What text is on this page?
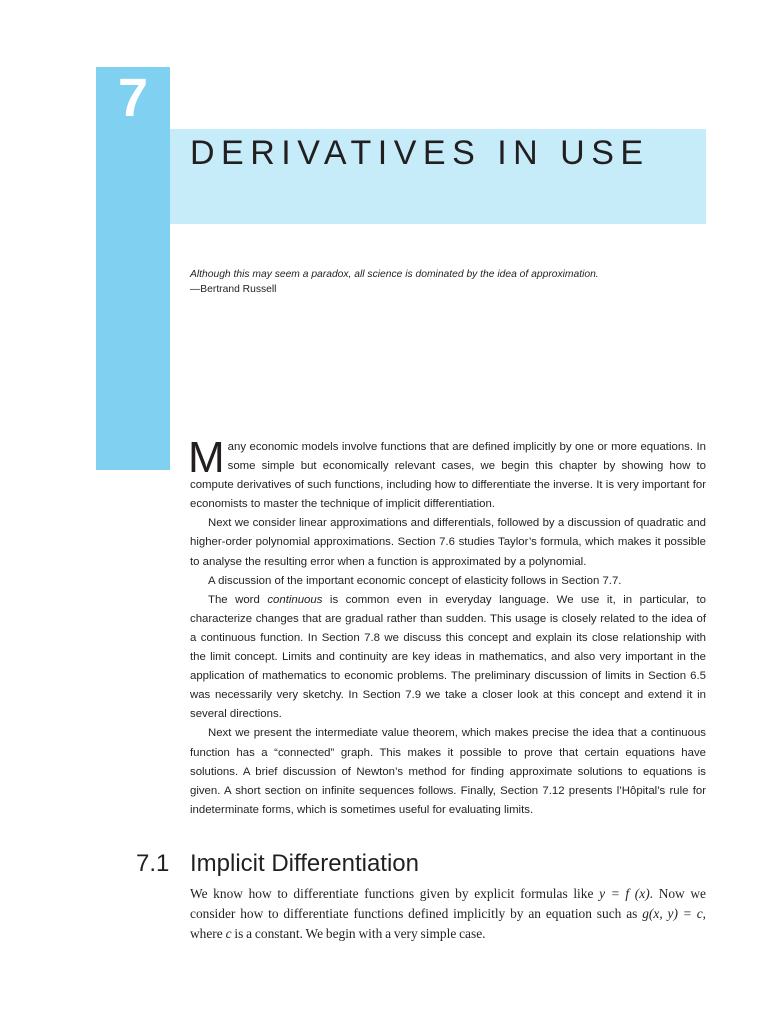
7
DERIVATIVES IN USE
Although this may seem a paradox, all science is dominated by the idea of approximation.
—Bertrand Russell

Many economic models involve functions that are defined implicitly by one or more equations. In some simple but economically relevant cases, we begin this chapter by showing how to compute derivatives of such functions, including how to differentiate the inverse. It is very important for economists to master the technique of implicit differentiation.

Next we consider linear approximations and differentials, followed by a discussion of quadratic and higher-order polynomial approximations. Section 7.6 studies Taylor’s formula, which makes it possible to analyse the resulting error when a function is approximated by a polynomial.

A discussion of the important economic concept of elasticity follows in Section 7.7.

The word continuous is common even in everyday language. We use it, in particular, to characterize changes that are gradual rather than sudden. This usage is closely related to the idea of a continuous function. In Section 7.8 we discuss this concept and explain its close relationship with the limit concept. Limits and continuity are key ideas in mathematics, and also very important in the application of mathematics to economic problems. The preliminary discussion of limits in Section 6.5 was necessarily very sketchy. In Section 7.9 we take a closer look at this concept and extend it in several directions.

Next we present the intermediate value theorem, which makes precise the idea that a continuous function has a “connected” graph. This makes it possible to prove that certain equations have solutions. A brief discussion of Newton’s method for finding approximate solutions to equations is given. A short section on infinite sequences follows. Finally, Section 7.12 presents l’Hôpital’s rule for indeterminate forms, which is sometimes useful for evaluating limits.

7.1 Implicit Differentiation

We know how to differentiate functions given by explicit formulas like y = f (x). Now we consider how to differentiate functions defined implicitly by an equation such as g(x, y) = c, where c is a constant. We begin with a very simple case.
